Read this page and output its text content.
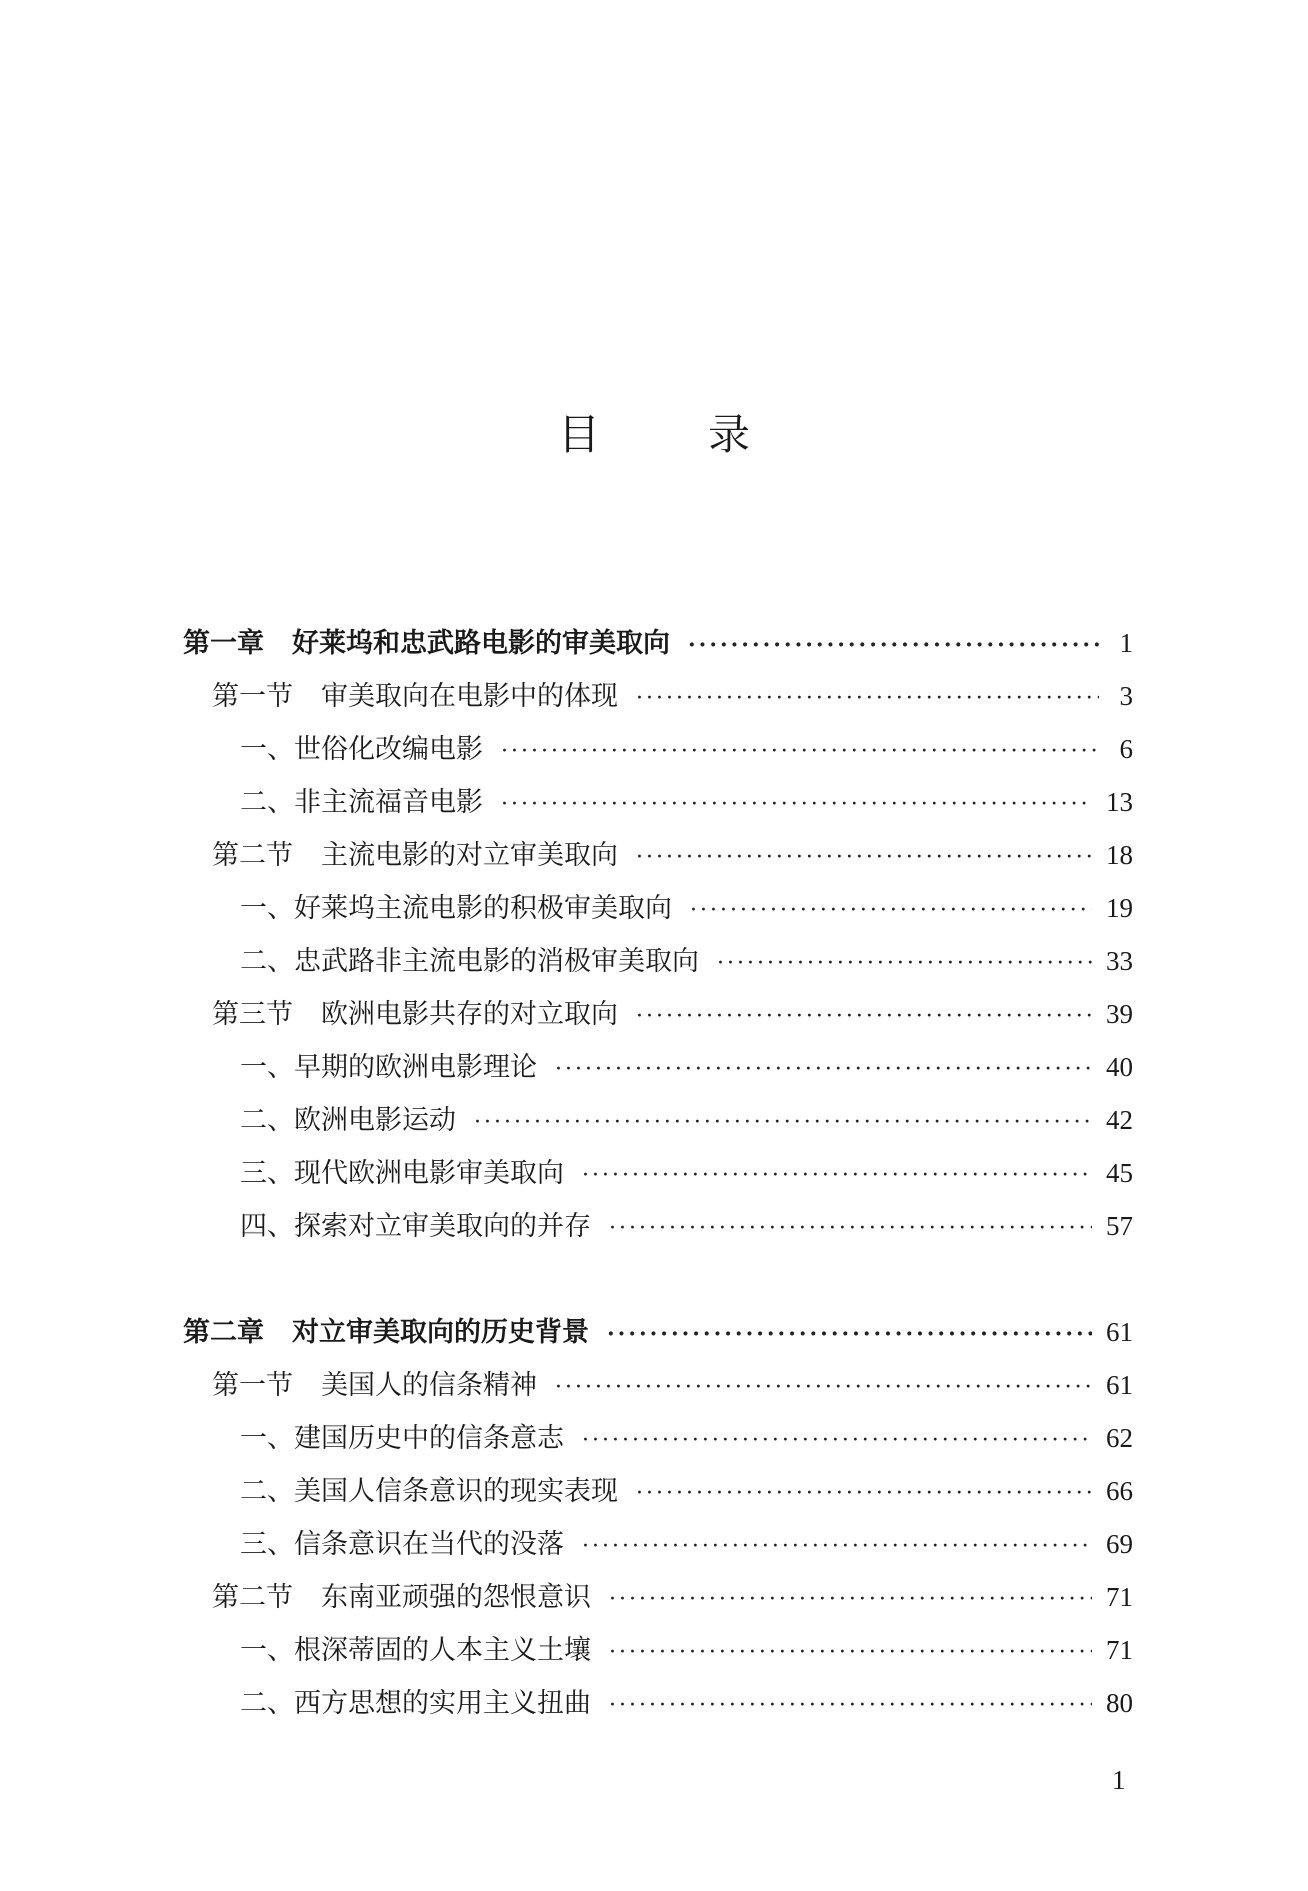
目	录
第一章 好莱坞和忠武路电影的审美取向 ·····	1
第一节 审美取向在电影中的体现 ·····	3
一、 世俗化改编电影 ·····	6
二、 非主流福音电影 ·····	13
第二节 主流电影的对立审美取向 ·····	18
一、 好莱坞主流电影的积极审美取向 ·····	19
二、 忠武路非主流电影的消极审美取向 ·····	33
第三节 欧洲电影共存的对立取向 ·····	39
一、 早期的欧洲电影理论 ·····	40
二、 欧洲电影运动 ·····	42
三、 现代欧洲电影审美取向 ·····	45
四、 探索对立审美取向的并存 ·····	57
第二章 对立审美取向的历史背景 ·····	61
第一节 美国人的信条精神 ·····	61
一、 建国历史中的信条意志 ·····	62
二、 美国人信条意识的现实表现 ·····	66
三、 信条意识在当代的没落 ·····	69
第二节 东南亚顽强的怨恨意识 ·····	71
一、 根深蒂固的人本主义土壤 ·····	71
二、 西方思想的实用主义扭曲 ·····	80
1
